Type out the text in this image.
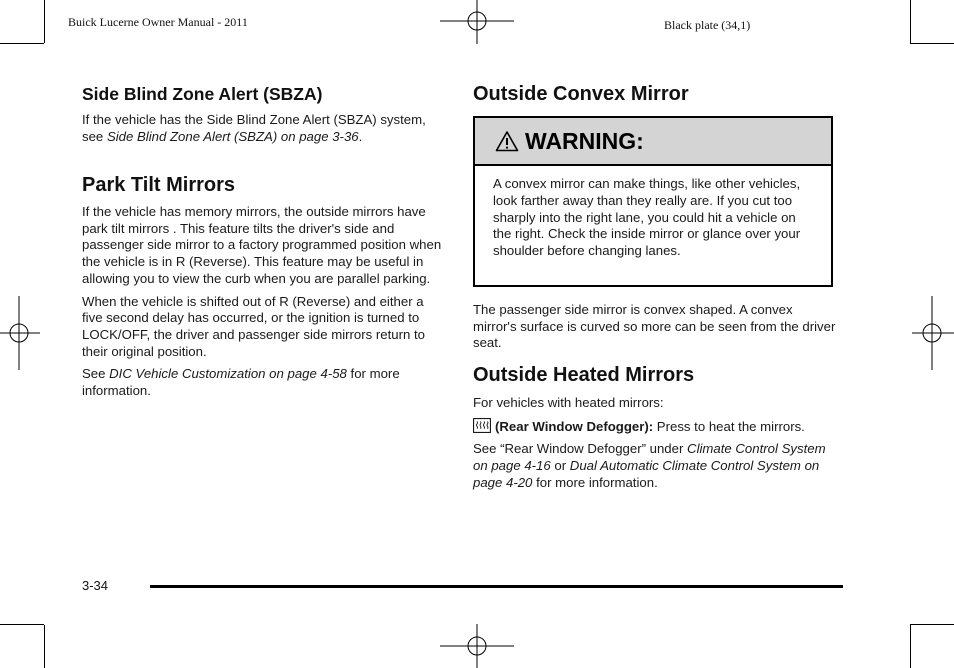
Buick Lucerne Owner Manual - 2011	Black plate (34,1)
Side Blind Zone Alert (SBZA)

If the vehicle has the Side Blind Zone Alert (SBZA) system, see Side Blind Zone Alert (SBZA) on page 3-36.

Park Tilt Mirrors

If the vehicle has memory mirrors, the outside mirrors have park tilt mirrors . This feature tilts the driver's side and passenger side mirror to a factory programmed position when the vehicle is in R (Reverse). This feature may be useful in allowing you to view the curb when you are parallel parking.

When the vehicle is shifted out of R (Reverse) and either a five second delay has occurred, or the ignition is turned to LOCK/OFF, the driver and passenger side mirrors return to their original position.

See DIC Vehicle Customization on page 4-58 for more information.

Outside Convex Mirror
WARNING:

A convex mirror can make things, like other vehicles, look farther away than they really are. If you cut too sharply into the right lane, you could hit a vehicle on the right. Check the inside mirror or glance over your shoulder before changing lanes.

The passenger side mirror is convex shaped. A convex mirror's surface is curved so more can be seen from the driver seat.

Outside Heated Mirrors

For vehicles with heated mirrors:

(Rear Window Defogger): Press to heat the mirrors.

See “Rear Window Defogger” under Climate Control System on page 4-16 or Dual Automatic Climate Control System on page 4-20 for more information.

3-34
